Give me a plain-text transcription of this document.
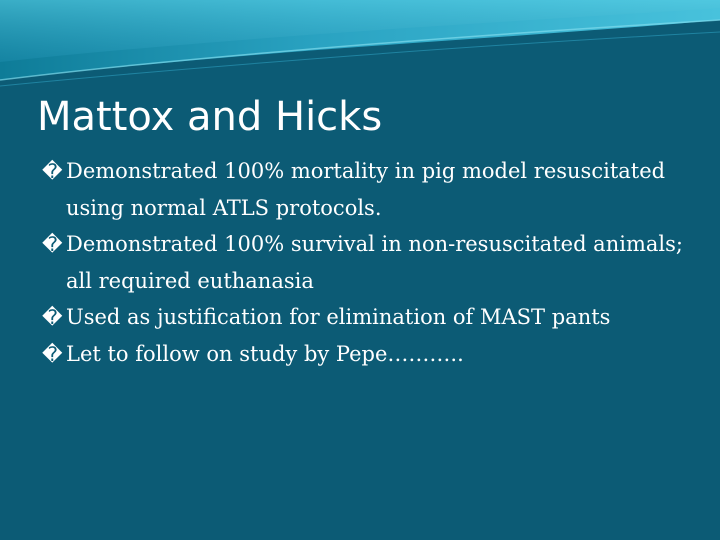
Mattox and Hicks
� Demonstrated 100% mortality in pig model resuscitated using normal ATLS protocols.
� Demonstrated 100% survival in non-resuscitated animals; all required euthanasia
� Used as justification for elimination of MAST pants
� Let to follow on study by Pepe………..
